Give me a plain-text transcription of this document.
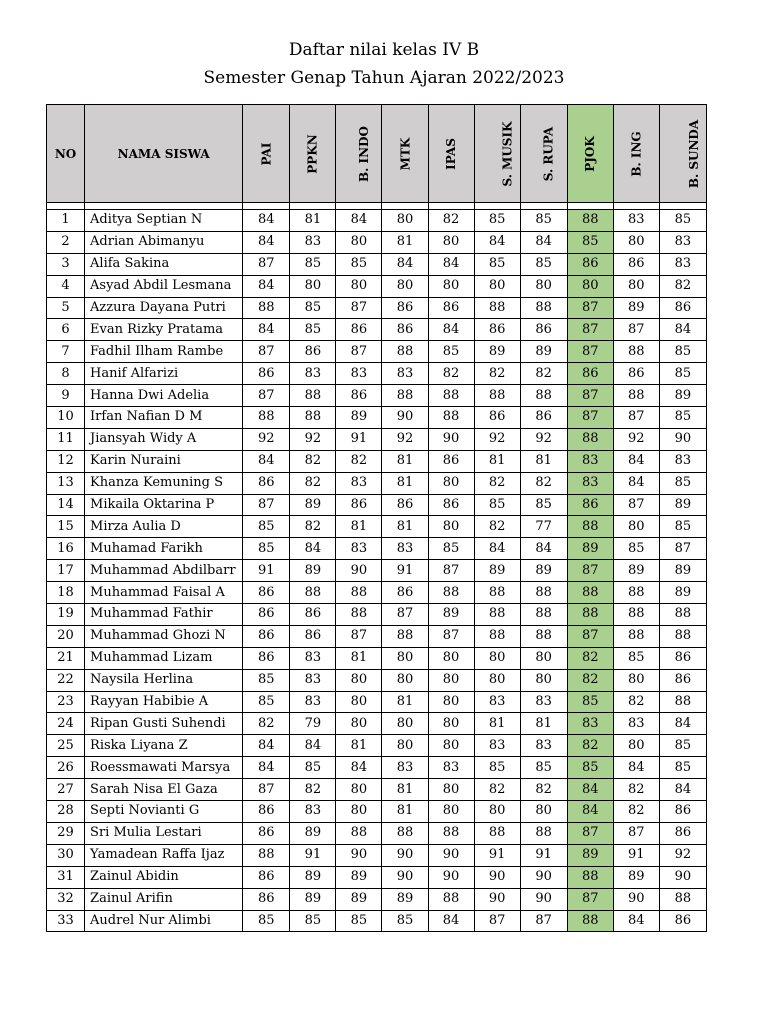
Daftar nilai kelas IV B
Semester Genap Tahun Ajaran 2022/2023
NO	NAMA SISWA	PAI	PPKN	B. INDO	MTK	IPAS	S. MUSIK	S. RUPA	PJOK	B. ING	B. SUNDA

1	Aditya Septian N	84	81	84	80	82	85	85	88	83	85
2	Adrian Abimanyu	84	83	80	81	80	84	84	85	80	83
3	Alifa Sakina	87	85	85	84	84	85	85	86	86	83
4	Asyad Abdil Lesmana	84	80	80	80	80	80	80	80	80	82
5	Azzura Dayana Putri	88	85	87	86	86	88	88	87	89	86
6	Evan Rizky Pratama	84	85	86	86	84	86	86	87	87	84
7	Fadhil Ilham Rambe	87	86	87	88	85	89	89	87	88	85
8	Hanif Alfarizi	86	83	83	83	82	82	82	86	86	85
9	Hanna Dwi Adelia	87	88	86	88	88	88	88	87	88	89
10	Irfan Nafian D M	88	88	89	90	88	86	86	87	87	85
11	Jiansyah Widy A	92	92	91	92	90	92	92	88	92	90
12	Karin Nuraini	84	82	82	81	86	81	81	83	84	83
13	Khanza Kemuning S	86	82	83	81	80	82	82	83	84	85
14	Mikaila Oktarina P	87	89	86	86	86	85	85	86	87	89
15	Mirza Aulia D	85	82	81	81	80	82	77	88	80	85
16	Muhamad Farikh	85	84	83	83	85	84	84	89	85	87
17	Muhammad Abdilbarr	91	89	90	91	87	89	89	87	89	89
18	Muhammad Faisal A	86	88	88	86	88	88	88	88	88	89
19	Muhammad Fathir	86	86	88	87	89	88	88	88	88	88
20	Muhammad Ghozi N	86	86	87	88	87	88	88	87	88	88
21	Muhammad Lizam	86	83	81	80	80	80	80	82	85	86
22	Naysila Herlina	85	83	80	80	80	80	80	82	80	86
23	Rayyan Habibie A	85	83	80	81	80	83	83	85	82	88
24	Ripan Gusti Suhendi	82	79	80	80	80	81	81	83	83	84
25	Riska Liyana Z	84	84	81	80	80	83	83	82	80	85
26	Roessmawati Marsya	84	85	84	83	83	85	85	85	84	85
27	Sarah Nisa El Gaza	87	82	80	81	80	82	82	84	82	84
28	Septi Novianti G	86	83	80	81	80	80	80	84	82	86
29	Sri Mulia Lestari	86	89	88	88	88	88	88	87	87	86
30	Yamadean Raffa Ijaz	88	91	90	90	90	91	91	89	91	92
31	Zainul Abidin	86	89	89	90	90	90	90	88	89	90
32	Zainul Arifin	86	89	89	89	88	90	90	87	90	88
33	Audrel Nur Alimbi	85	85	85	85	84	87	87	88	84	86
